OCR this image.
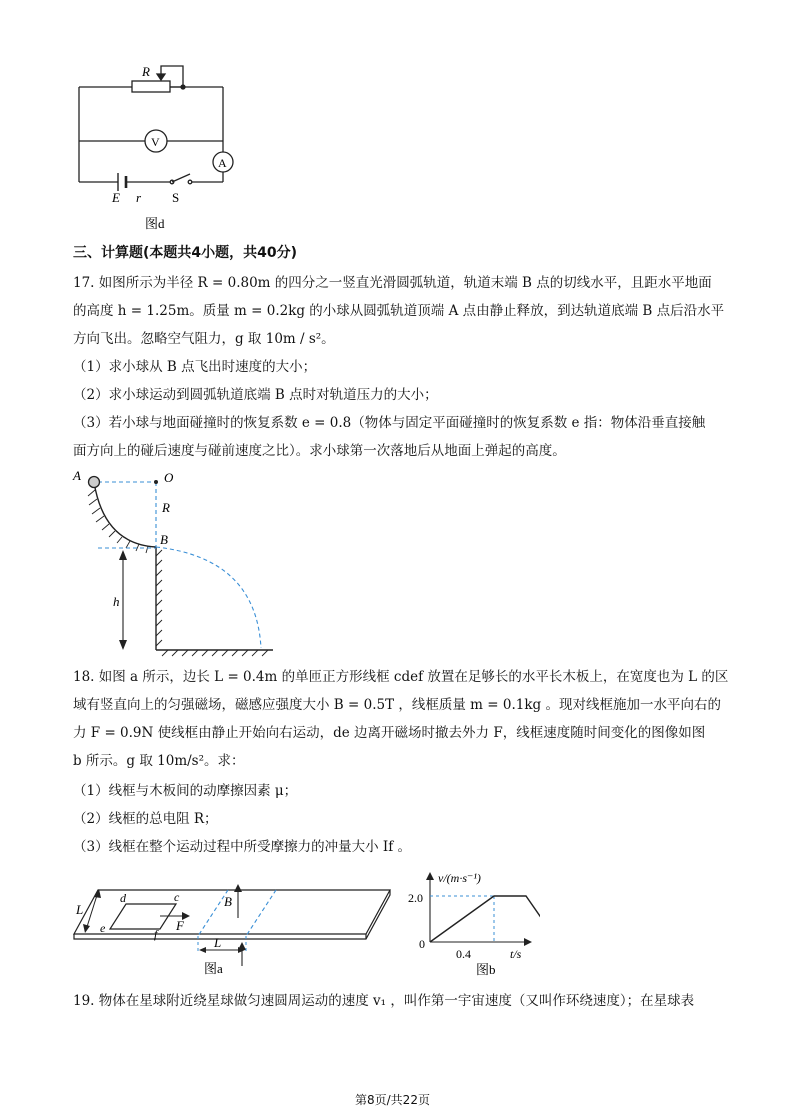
R
V
A
E r S
图d
三、计算题(本题共4小题，共40分)
17. 如图所示为半径 R = 0.80m 的四分之一竖直光滑圆弧轨道，轨道末端 B 点的切线水平，且距水平地面
的高度 h = 1.25m。质量 m = 0.2kg 的小球从圆弧轨道顶端 A 点由静止释放，到达轨道底端 B 点后沿水平
方向飞出。忽略空气阻力，g 取 10m / s²。
（1）求小球从 B 点飞出时速度的大小；
（2）求小球运动到圆弧轨道底端 B 点时对轨道压力的大小；
（3）若小球与地面碰撞时的恢复系数 e = 0.8（物体与固定平面碰撞时的恢复系数 e 指：物体沿垂直接触
面方向上的碰后速度与碰前速度之比）。求小球第一次落地后从地面上弹起的高度。
A	O
R
B
h
18. 如图 a 所示，边长 L = 0.4m 的单匝正方形线框 cdef 放置在足够长的水平长木板上，在宽度也为 L 的区
域有竖直向上的匀强磁场，磁感应强度大小 B = 0.5T ，线框质量 m = 0.1kg 。现对线框施加一水平向右的
力 F = 0.9N 使线框由静止开始向右运动，de 边离开磁场时撤去外力 F，线框速度随时间变化的图像如图
b 所示。g 取 10m/s²。求：
（1）线框与木板间的动摩擦因素 μ；
（2）线框的总电阻 R；
（3）线框在整个运动过程中所受摩擦力的冲量大小 If 。
L
d	c
e	f
F
B
L
图a
v/(m·s⁻¹)
2.0
0
0.4	t/s
图b
19. 物体在星球附近绕星球做匀速圆周运动的速度 v₁ ，叫作第一宇宙速度（又叫作环绕速度）；在星球表
第8页/共22页
